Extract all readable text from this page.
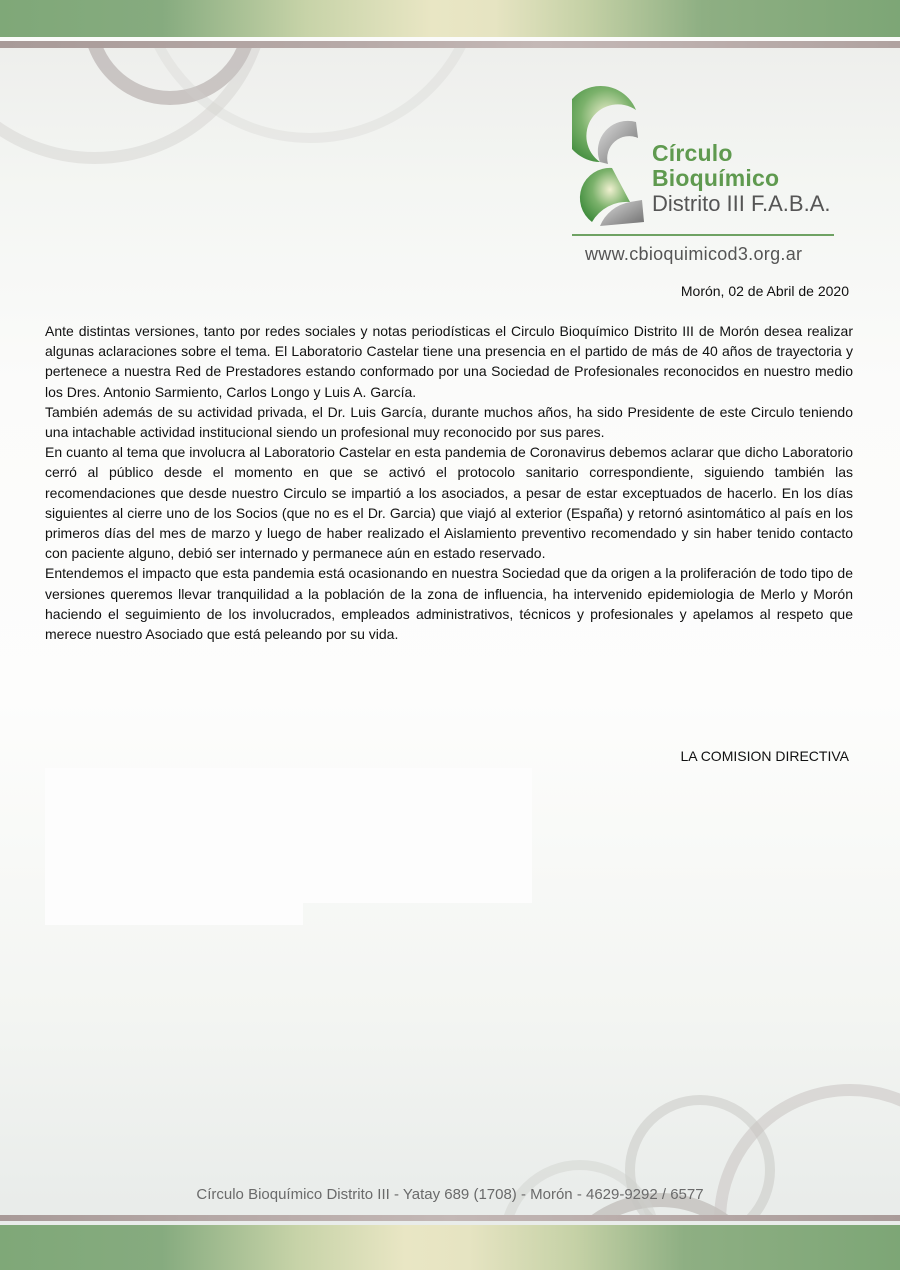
Círculo
Bioquímico
Distrito III F.A.B.A.
www.cbioquimicod3.org.ar
Morón, 02 de Abril de 2020

Ante distintas versiones, tanto por redes sociales y notas periodísticas el Circulo Bioquímico Distrito III de Morón desea realizar algunas aclaraciones sobre el tema. El Laboratorio Castelar tiene una presencia en el partido de más de 40 años de trayectoria y pertenece a nuestra Red de Prestadores estando conformado por una Sociedad de Profesionales reconocidos en nuestro medio los Dres. Antonio Sarmiento, Carlos Longo y Luis A. García.

También además de su actividad privada, el Dr. Luis García, durante muchos años, ha sido Presidente de este Circulo teniendo una intachable actividad institucional siendo un profesional muy reconocido por sus pares.

En cuanto al tema que involucra al Laboratorio Castelar en esta pandemia de Coronavirus debemos aclarar que dicho Laboratorio cerró al público desde el momento en que se activó el protocolo sanitario correspondiente, siguiendo también las recomendaciones que desde nuestro Circulo se impartió a los asociados, a pesar de estar exceptuados de hacerlo. En los días siguientes al cierre uno de los Socios (que no es el Dr. Garcia) que viajó al exterior (España) y retornó asintomático al país en los primeros días del mes de marzo y luego de haber realizado el Aislamiento preventivo recomendado y sin haber tenido contacto con paciente alguno, debió ser internado y permanece aún en estado reservado.

Entendemos el impacto que esta pandemia está ocasionando en nuestra Sociedad que da origen a la proliferación de todo tipo de versiones queremos llevar tranquilidad a la población de la zona de influencia, ha intervenido epidemiologia de Merlo y Morón haciendo el seguimiento de los involucrados, empleados administrativos, técnicos y profesionales y apelamos al respeto que merece nuestro Asociado que está peleando por su vida.

LA COMISION DIRECTIVA
Círculo Bioquímico Distrito III - Yatay 689 (1708) - Morón - 4629-9292 / 6577
